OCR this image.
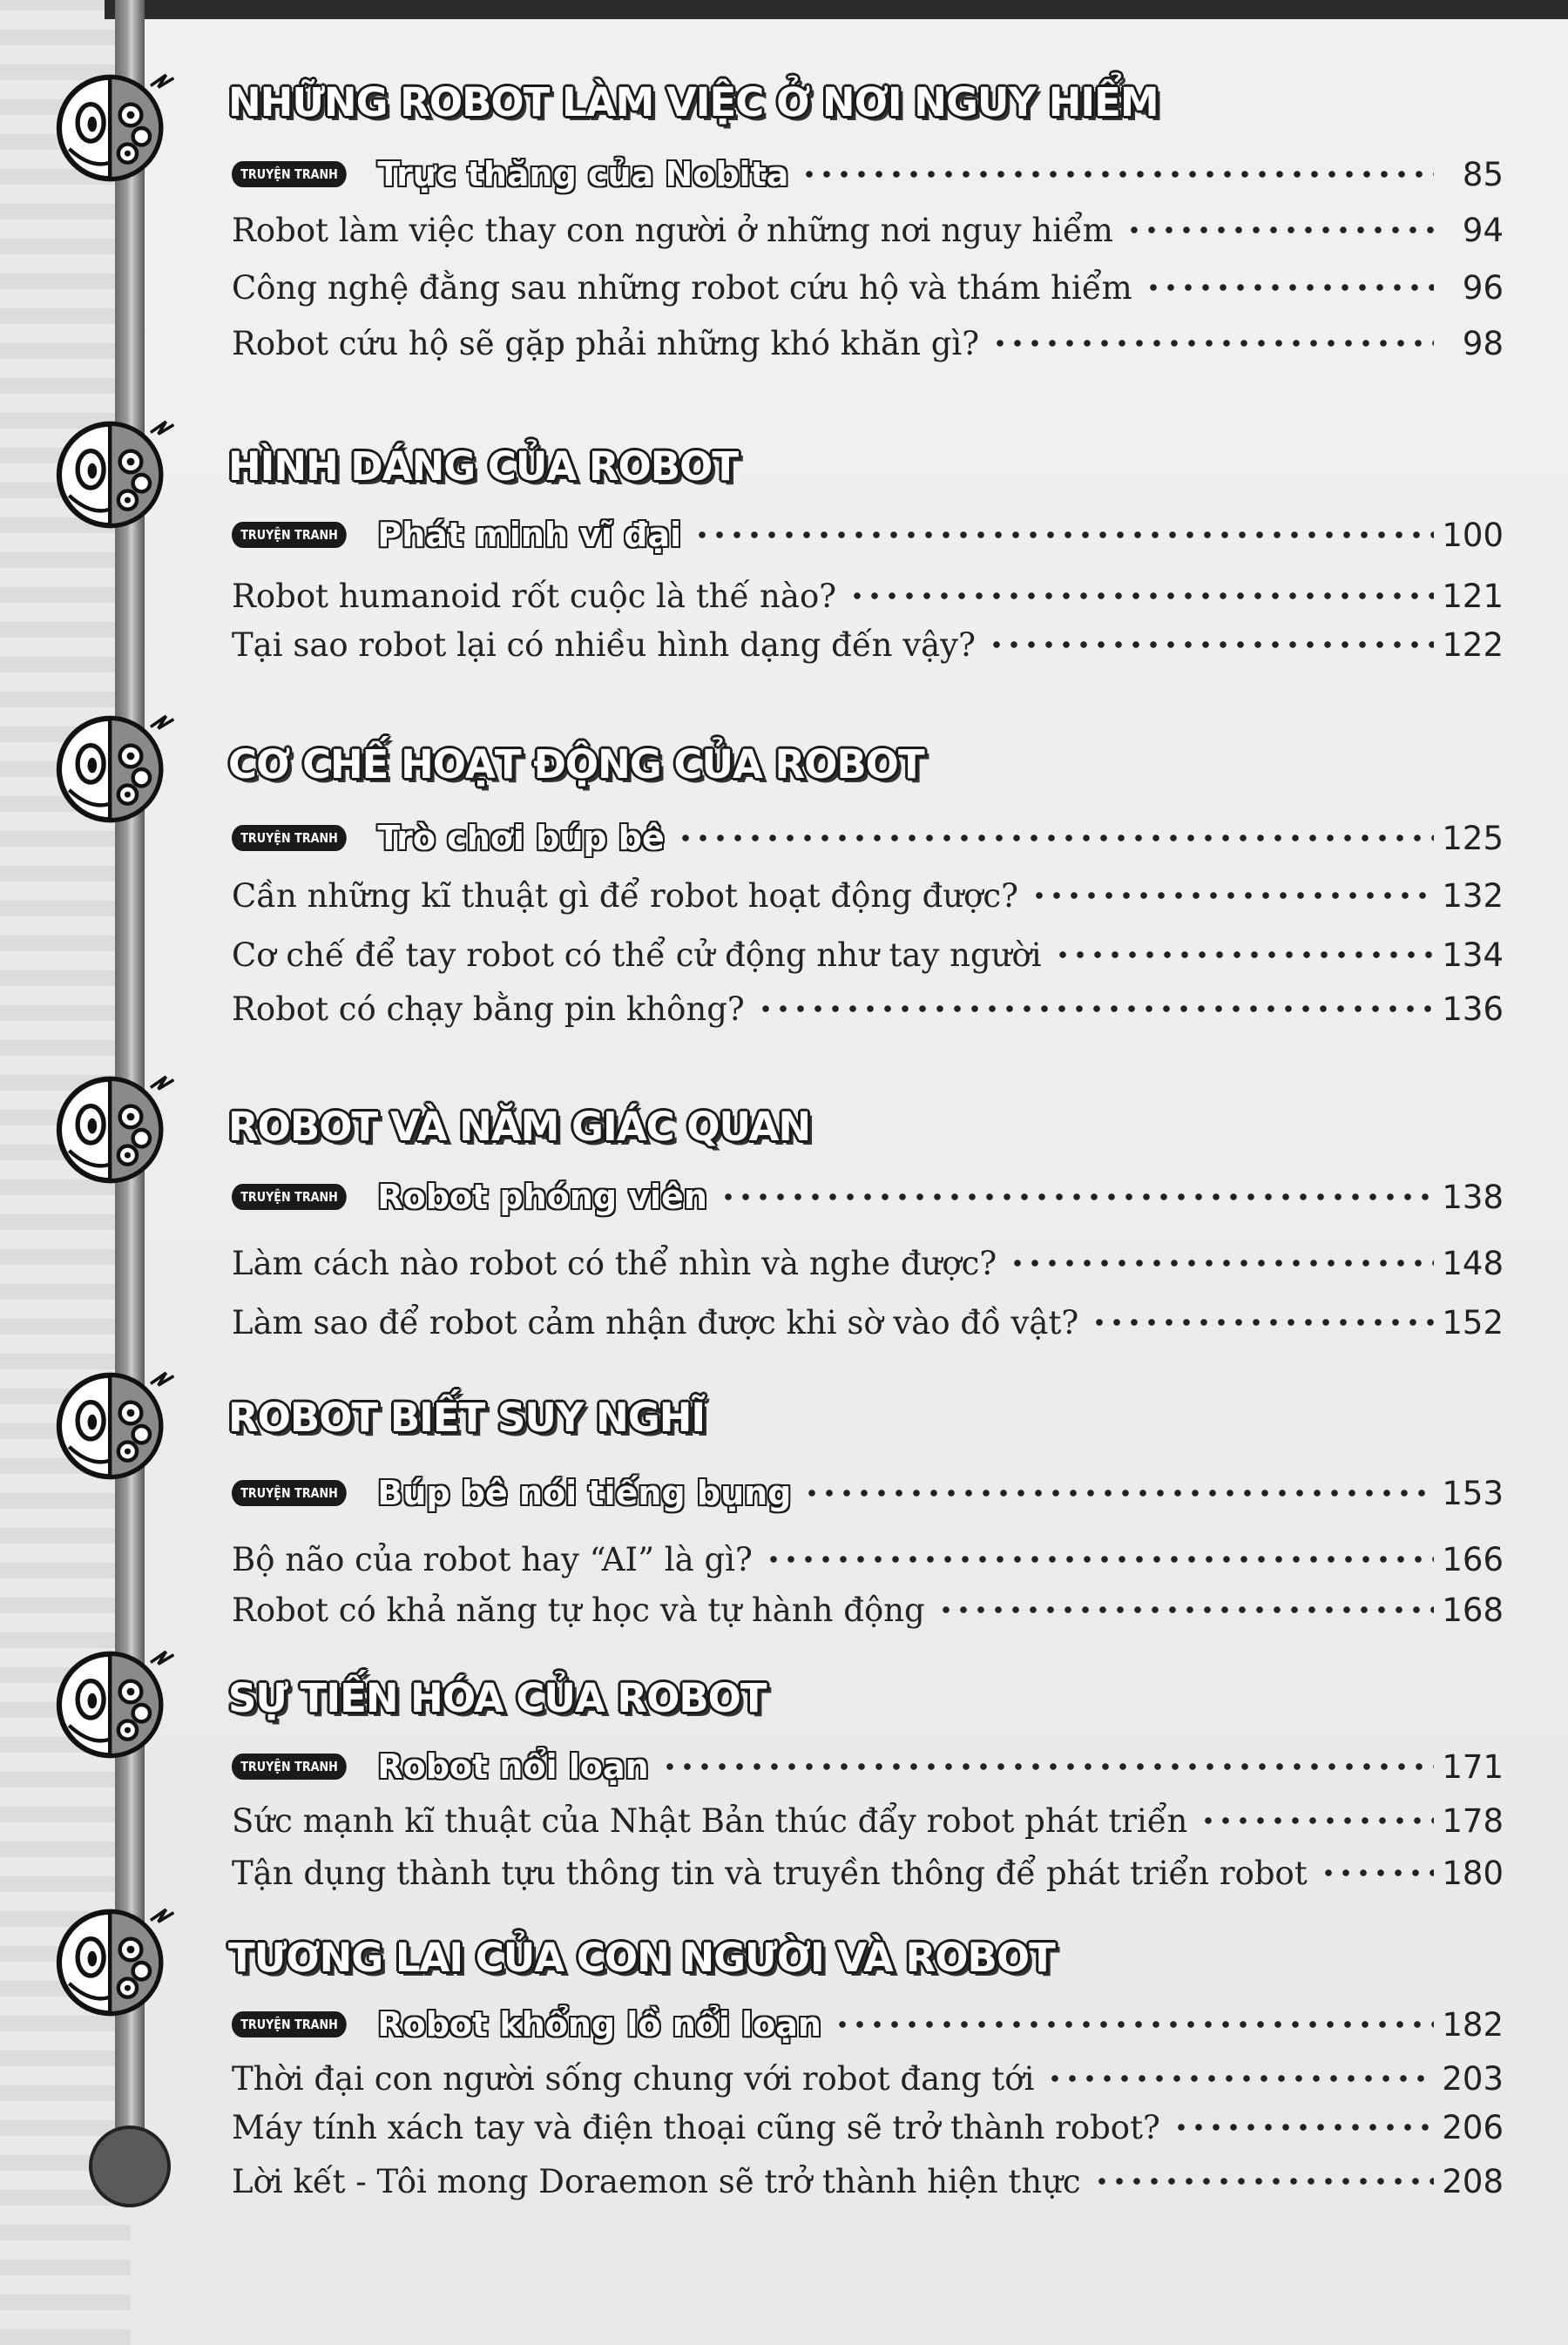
NHỮNG ROBOT LÀM VIỆC Ở NƠI NGUY HIỂM
TRUYỆN TRANH Trực thăng của Nobita	85
Robot làm việc thay con người ở những nơi nguy hiểm	94
Công nghệ đằng sau những robot cứu hộ và thám hiểm	96
Robot cứu hộ sẽ gặp phải những khó khăn gì?	98
HÌNH DÁNG CỦA ROBOT
TRUYỆN TRANH Phát minh vĩ đại	100
Robot humanoid rốt cuộc là thế nào?	121
Tại sao robot lại có nhiều hình dạng đến vậy?	122
CƠ CHẾ HOẠT ĐỘNG CỦA ROBOT
TRUYỆN TRANH Trò chơi búp bê	125
Cần những kĩ thuật gì để robot hoạt động được?	132
Cơ chế để tay robot có thể cử động như tay người	134
Robot có chạy bằng pin không?	136
ROBOT VÀ NĂM GIÁC QUAN
TRUYỆN TRANH Robot phóng viên	138
Làm cách nào robot có thể nhìn và nghe được?	148
Làm sao để robot cảm nhận được khi sờ vào đồ vật?	152
ROBOT BIẾT SUY NGHĨ
TRUYỆN TRANH Búp bê nói tiếng bụng	153
Bộ não của robot hay “AI” là gì?	166
Robot có khả năng tự học và tự hành động	168
SỰ TIẾN HÓA CỦA ROBOT
TRUYỆN TRANH Robot nổi loạn	171
Sức mạnh kĩ thuật của Nhật Bản thúc đẩy robot phát triển	178
Tận dụng thành tựu thông tin và truyền thông để phát triển robot	180
TƯƠNG LAI CỦA CON NGƯỜI VÀ ROBOT
TRUYỆN TRANH Robot khổng lồ nổi loạn	182
Thời đại con người sống chung với robot đang tới	203
Máy tính xách tay và điện thoại cũng sẽ trở thành robot?	206
Lời kết - Tôi mong Doraemon sẽ trở thành hiện thực	208
